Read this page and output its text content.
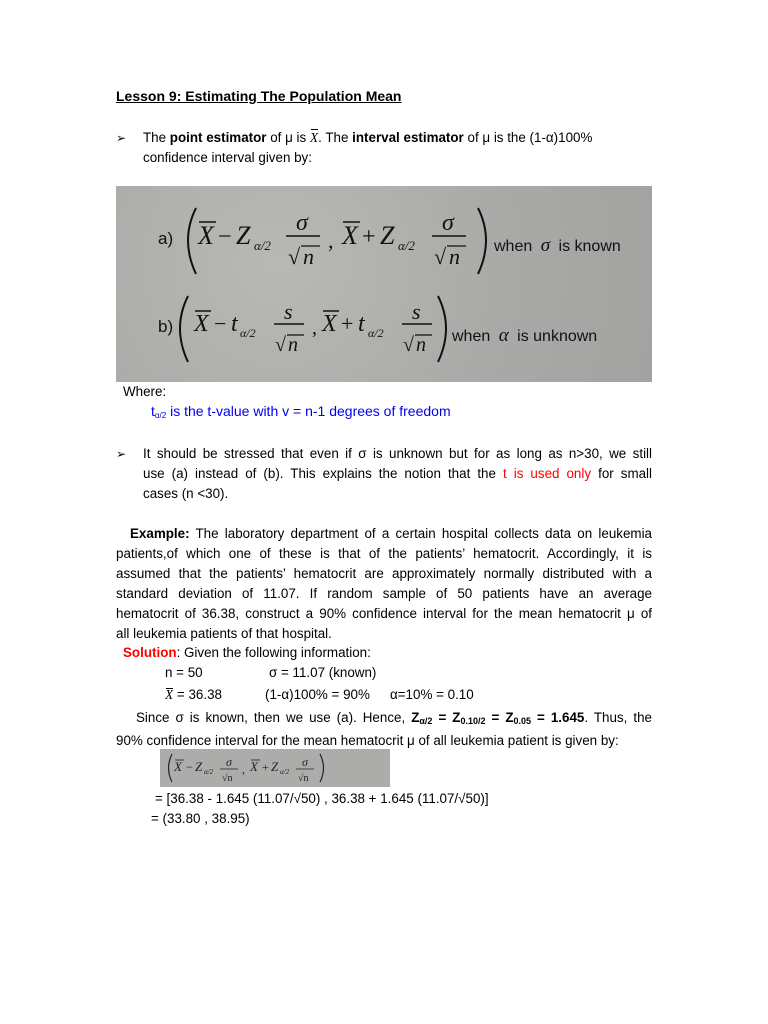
Lesson 9: Estimating The Population Mean
➢ The point estimator of μ is X. The interval estimator of μ is the (1-α)100%
confidence interval given by:
a) X − Z α/2
σ
√ n
, X + Z α/2
σ
√ n when σ is known
b) X − t α/2
s
√ n
, X + t α/2
s
√ n when α is unknown
Where:
$t_{\alpha/2}$ is the t-value with v = n-1 degrees of freedom
➢ It should be stressed that even if σ is unknown but for as long as n>30, we still
use (a) instead of (b). This explains the notion that the t is used only for small
cases (n <30).
Example: The laboratory department of a certain hospital collects data on leukemia
patients,of which one of these is that of the patients’ hematocrit. Accordingly, it is
assumed that the patients’ hematocrit are approximately normally distributed with a
standard deviation of 11.07. If random sample of 50 patients have an average
hematocrit of 36.38, construct a 90% confidence interval for the mean hematocrit μ of
all leukemia patients of that hospital.
Solution: Given the following information:
n = 50	σ = 11.07 (known)
X = 36.38	(1-α)100% = 90% α=10% = 0.10
Since σ is known, then we use (a). Hence, $Z_{\alpha/2} = Z_{0.10/2} = Z_{0.05} = 1.645$. Thus, the
90% confidence interval for the mean hematocrit μ of all leukemia patient is given by:
X − Z α/2
σ
√n
, X + Z α/2
σ
√n
= [36.38 - 1.645 (11.07/√50) , 36.38 + 1.645 (11.07/√50)]
= (33.80 , 38.95)
